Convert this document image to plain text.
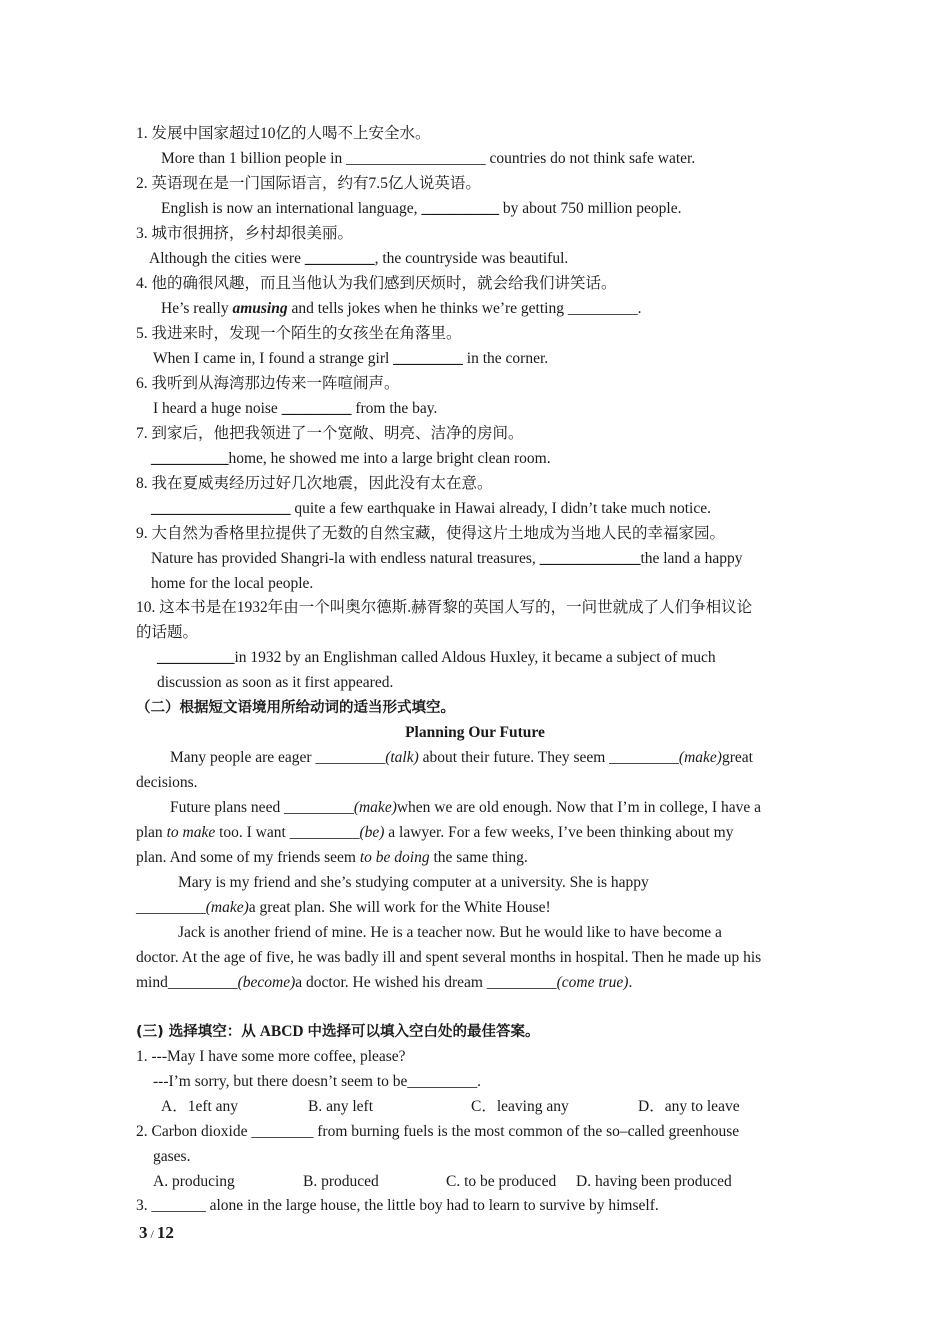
1. 发展中国家超过10亿的人喝不上安全水。
More than 1 billion people in __________________ countries do not think safe water.
2. 英语现在是一门国际语言，约有7.5亿人说英语。
English is now an international language, __________ by about 750 million people.
3. 城市很拥挤，乡村却很美丽。
Although the cities were _________, the countryside was beautiful.
4. 他的确很风趣，而且当他认为我们感到厌烦时，就会给我们讲笑话。
He’s really amusing and tells jokes when he thinks we’re getting _________.
5. 我进来时，发现一个陌生的女孩坐在角落里。
When I came in, I found a strange girl _________ in the corner.
6. 我听到从海湾那边传来一阵喧闹声。
I heard a huge noise _________ from the bay.
7. 到家后，他把我领进了一个宽敞、明亮、洁净的房间。
__________home, he showed me into a large bright clean room.
8. 我在夏威夷经历过好几次地震，因此没有太在意。
__________________ quite a few earthquake in Hawai already, I didn’t take much notice.
9. 大自然为香格里拉提供了无数的自然宝藏，使得这片土地成为当地人民的幸福家园。
Nature has provided Shangri-la with endless natural treasures, _____________the land a happy
home for the local people.
10. 这本书是在1932年由一个叫奥尔德斯.赫胥黎的英国人写的，一问世就成了人们争相议论
的话题。
__________in 1932 by an Englishman called Aldous Huxley, it became a subject of much
discussion as soon as it first appeared.
（二）根据短文语境用所给动词的适当形式填空。
Planning Our Future
Many people are eager _________(talk) about their future. They seem _________(make)great
decisions.
Future plans need _________(make)when we are old enough. Now that I’m in college, I have a
plan to make too. I want _________(be) a lawyer. For a few weeks, I’ve been thinking about my
plan. And some of my friends seem to be doing the same thing.
Mary is my friend and she’s studying computer at a university. She is happy
_________(make)a great plan. She will work for the White House!
Jack is another friend of mine. He is a teacher now. But he would like to have become a
doctor. At the age of five, he was badly ill and spent several months in hospital. Then he made up his
mind_________(become)a doctor. He wished his dream _________(come true).
(三) 选择填空：从 ABCD 中选择可以填入空白处的最佳答案。
1. ---May I have some more coffee, please?
---I’m sorry, but there doesn’t seem to be_________.
A．1eft any	B. any left	C．leaving any	D．any to leave
2. Carbon dioxide ________ from burning fuels is the most common of the so–called greenhouse
gases.
A. producing	B. produced	C. to be produced D. having been produced
3. _______ alone in the large house, the little boy had to learn to survive by himself.
3 / 12
